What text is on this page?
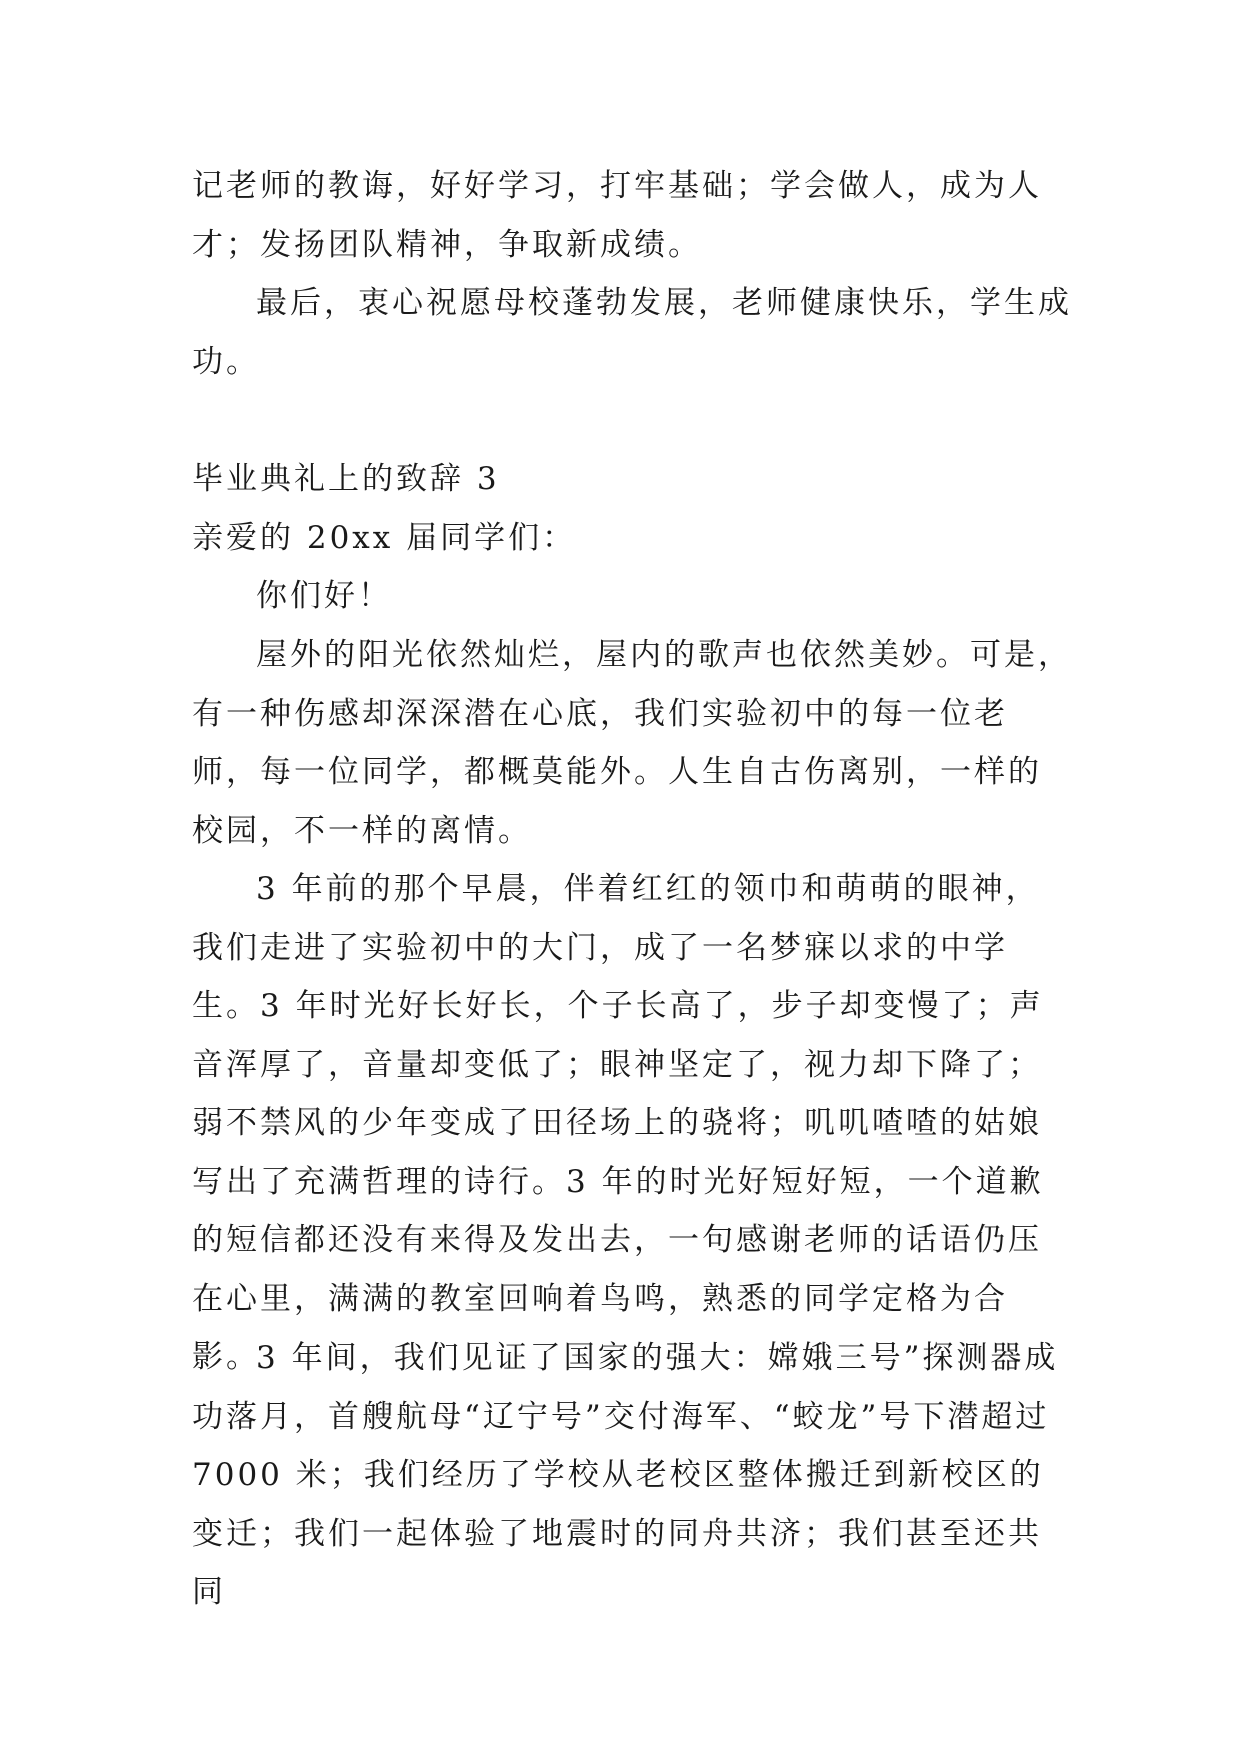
记老师的教诲，好好学习，打牢基础；学会做人，成为人才；发扬团队精神，争取新成绩。

最后，衷心祝愿母校蓬勃发展，老师健康快乐，学生成功。

毕业典礼上的致辞 3

亲爱的 20xx 届同学们：

你们好！

屋外的阳光依然灿烂，屋内的歌声也依然美妙。可是，有一种伤感却深深潜在心底，我们实验初中的每一位老师，每一位同学，都概莫能外。人生自古伤离别，一样的校园，不一样的离情。

3 年前的那个早晨，伴着红红的领巾和萌萌的眼神，我们走进了实验初中的大门，成了一名梦寐以求的中学生。3 年时光好长好长，个子长高了，步子却变慢了；声音浑厚了，音量却变低了；眼神坚定了，视力却下降了；弱不禁风的少年变成了田径场上的骁将；叽叽喳喳的姑娘写出了充满哲理的诗行。3 年的时光好短好短，一个道歉的短信都还没有来得及发出去，一句感谢老师的话语仍压在心里，满满的教室回响着鸟鸣，熟悉的同学定格为合影。

3 年间，我们见证了国家的强大：嫦娥三号”探测器成功落月，首艘航母“辽宁号”交付海军、“蛟龙”号下潜超过 7000 米；我们经历了学校从老校区整体搬迁到新校区的变迁；我们一起体验了地震时的同舟共济；我们甚至还共同
